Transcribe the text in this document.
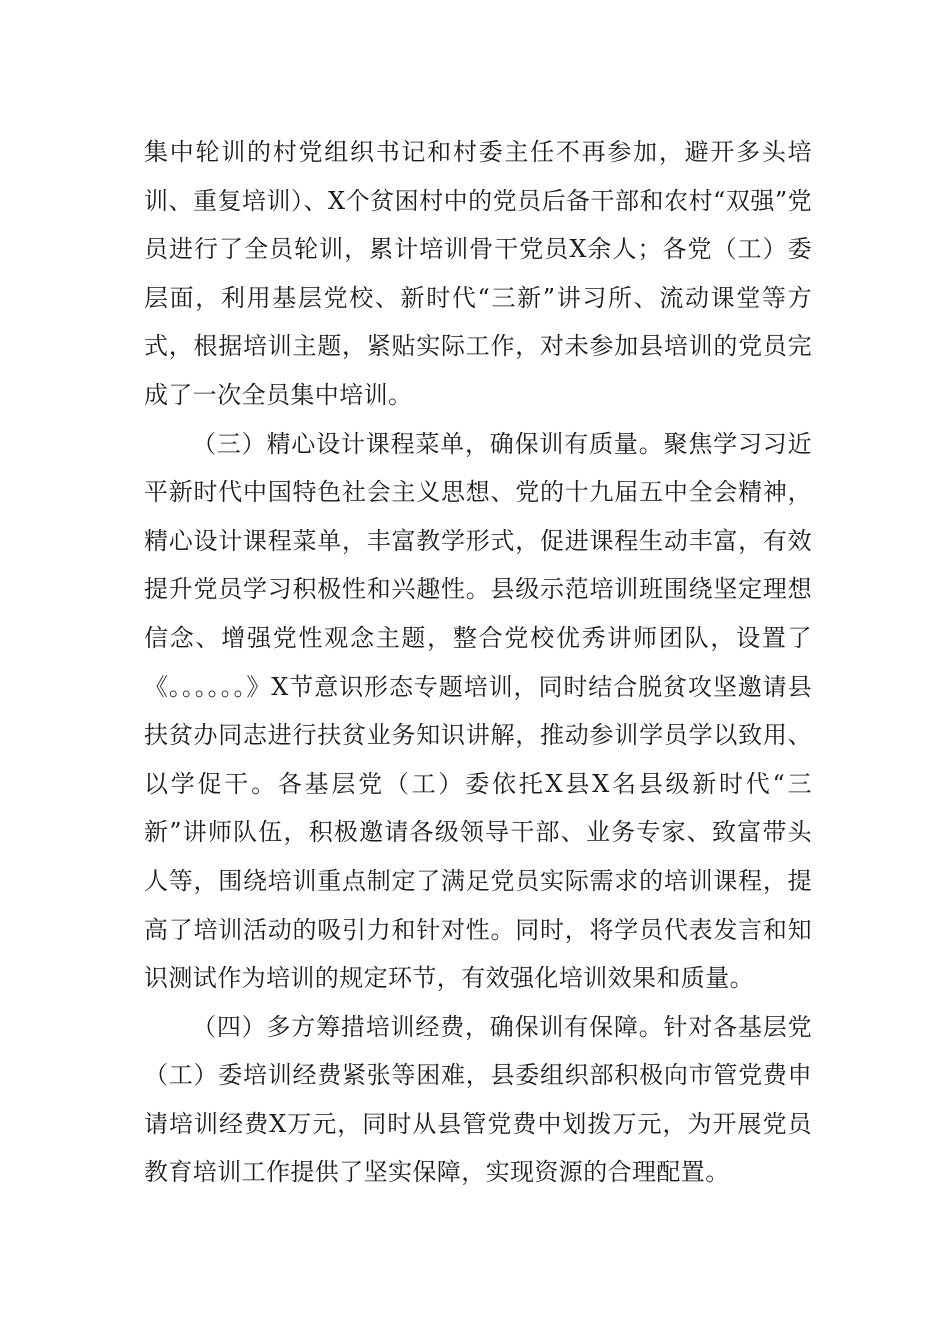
集中轮训的村党组织书记和村委主任不再参加，避开多头培训、重复培训）、X个贫困村中的党员后备干部和农村“双强”党员进行了全员轮训，累计培训骨干党员X余人；各党（工）委层面，利用基层党校、新时代“三新”讲习所、流动课堂等方式，根据培训主题，紧贴实际工作，对未参加县培训的党员完成了一次全员集中培训。

（三）精心设计课程菜单，确保训有质量。聚焦学习习近平新时代中国特色社会主义思想、党的十九届五中全会精神，精心设计课程菜单，丰富教学形式，促进课程生动丰富，有效提升党员学习积极性和兴趣性。县级示范培训班围绕坚定理想信念、增强党性观念主题，整合党校优秀讲师团队，设置了《。。。。。。》X节意识形态专题培训，同时结合脱贫攻坚邀请县扶贫办同志进行扶贫业务知识讲解，推动参训学员学以致用、以学促干。各基层党（工）委依托X县X名县级新时代“三新”讲师队伍，积极邀请各级领导干部、业务专家、致富带头人等，围绕培训重点制定了满足党员实际需求的培训课程，提高了培训活动的吸引力和针对性。同时，将学员代表发言和知识测试作为培训的规定环节，有效强化培训效果和质量。

（四）多方筹措培训经费，确保训有保障。针对各基层党（工）委培训经费紧张等困难，县委组织部积极向市管党费申请培训经费X万元，同时从县管党费中划拨万元，为开展党员教育培训工作提供了坚实保障，实现资源的合理配置。
